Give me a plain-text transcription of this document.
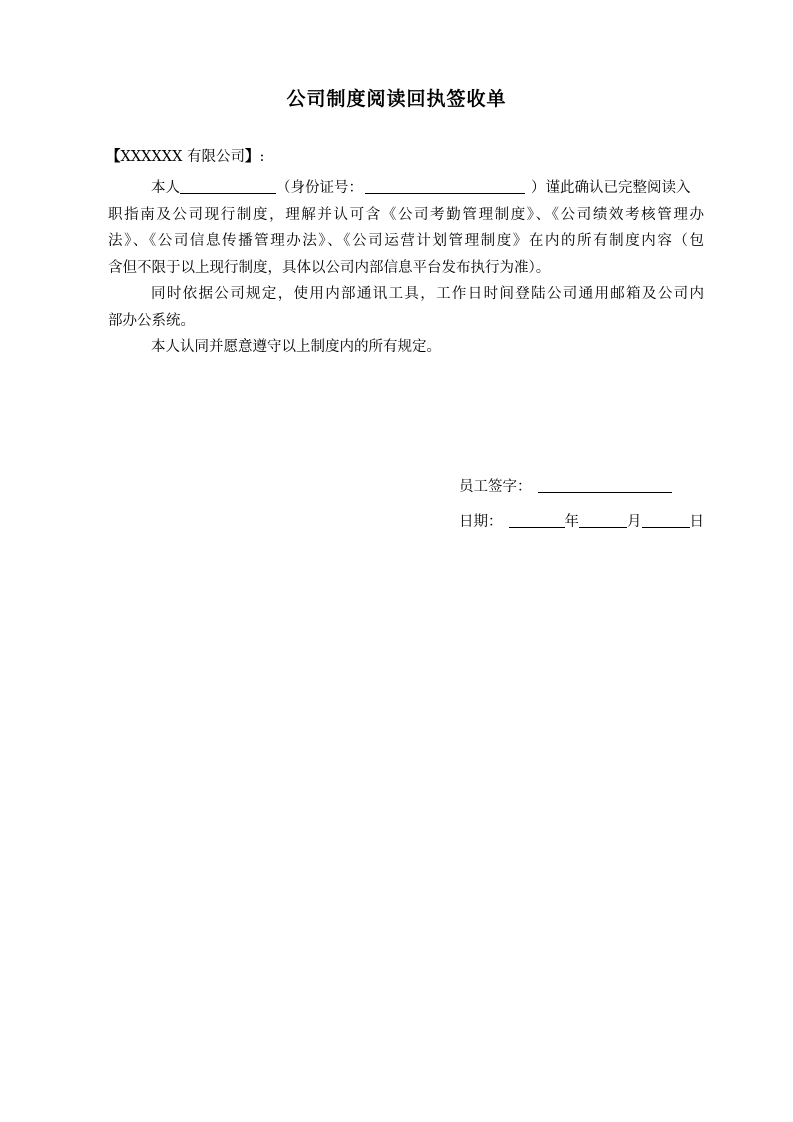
公司制度阅读回执签收单
【XXXXXX 有限公司】:
本人	（身份证号：	）谨此确认已完整阅读入
职指南及公司现行制度，理解并认可含《公司考勤管理制度》、《公司绩效考核管理办
法》、《公司信息传播管理办法》、《公司运营计划管理制度》在内的所有制度内容（包
含但不限于以上现行制度，具体以公司内部信息平台发布执行为准）。
同时依据公司规定，使用内部通讯工具，工作日时间登陆公司通用邮箱及公司内
部办公系统。
本人认同并愿意遵守以上制度内的所有规定。
员工签字：
日期：	年	月	日
